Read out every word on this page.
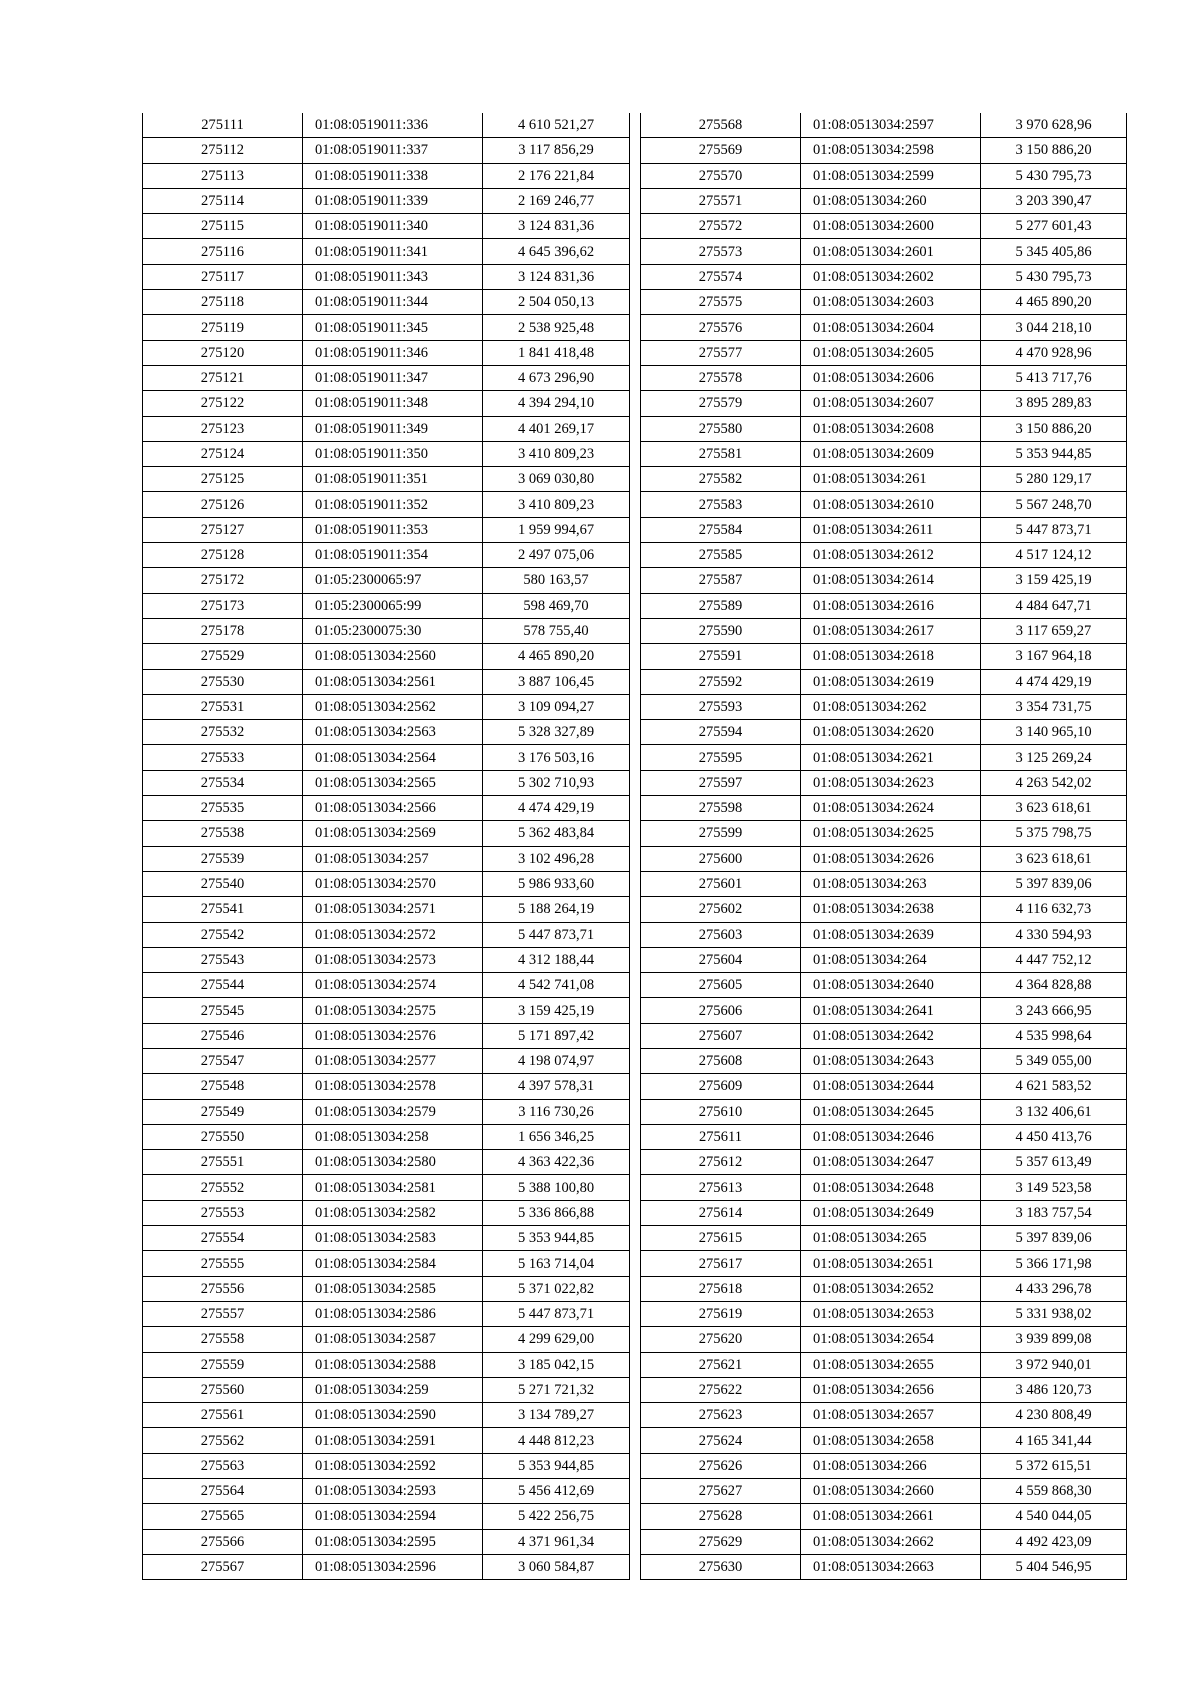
275111	01:08:0519011:336	4 610 521,27
275112	01:08:0519011:337	3 117 856,29
275113	01:08:0519011:338	2 176 221,84
275114	01:08:0519011:339	2 169 246,77
275115	01:08:0519011:340	3 124 831,36
275116	01:08:0519011:341	4 645 396,62
275117	01:08:0519011:343	3 124 831,36
275118	01:08:0519011:344	2 504 050,13
275119	01:08:0519011:345	2 538 925,48
275120	01:08:0519011:346	1 841 418,48
275121	01:08:0519011:347	4 673 296,90
275122	01:08:0519011:348	4 394 294,10
275123	01:08:0519011:349	4 401 269,17
275124	01:08:0519011:350	3 410 809,23
275125	01:08:0519011:351	3 069 030,80
275126	01:08:0519011:352	3 410 809,23
275127	01:08:0519011:353	1 959 994,67
275128	01:08:0519011:354	2 497 075,06
275172	01:05:2300065:97	580 163,57
275173	01:05:2300065:99	598 469,70
275178	01:05:2300075:30	578 755,40
275529	01:08:0513034:2560	4 465 890,20
275530	01:08:0513034:2561	3 887 106,45
275531	01:08:0513034:2562	3 109 094,27
275532	01:08:0513034:2563	5 328 327,89
275533	01:08:0513034:2564	3 176 503,16
275534	01:08:0513034:2565	5 302 710,93
275535	01:08:0513034:2566	4 474 429,19
275538	01:08:0513034:2569	5 362 483,84
275539	01:08:0513034:257	3 102 496,28
275540	01:08:0513034:2570	5 986 933,60
275541	01:08:0513034:2571	5 188 264,19
275542	01:08:0513034:2572	5 447 873,71
275543	01:08:0513034:2573	4 312 188,44
275544	01:08:0513034:2574	4 542 741,08
275545	01:08:0513034:2575	3 159 425,19
275546	01:08:0513034:2576	5 171 897,42
275547	01:08:0513034:2577	4 198 074,97
275548	01:08:0513034:2578	4 397 578,31
275549	01:08:0513034:2579	3 116 730,26
275550	01:08:0513034:258	1 656 346,25
275551	01:08:0513034:2580	4 363 422,36
275552	01:08:0513034:2581	5 388 100,80
275553	01:08:0513034:2582	5 336 866,88
275554	01:08:0513034:2583	5 353 944,85
275555	01:08:0513034:2584	5 163 714,04
275556	01:08:0513034:2585	5 371 022,82
275557	01:08:0513034:2586	5 447 873,71
275558	01:08:0513034:2587	4 299 629,00
275559	01:08:0513034:2588	3 185 042,15
275560	01:08:0513034:259	5 271 721,32
275561	01:08:0513034:2590	3 134 789,27
275562	01:08:0513034:2591	4 448 812,23
275563	01:08:0513034:2592	5 353 944,85
275564	01:08:0513034:2593	5 456 412,69
275565	01:08:0513034:2594	5 422 256,75
275566	01:08:0513034:2595	4 371 961,34
275567	01:08:0513034:2596	3 060 584,87
275568	01:08:0513034:2597	3 970 628,96
275569	01:08:0513034:2598	3 150 886,20
275570	01:08:0513034:2599	5 430 795,73
275571	01:08:0513034:260	3 203 390,47
275572	01:08:0513034:2600	5 277 601,43
275573	01:08:0513034:2601	5 345 405,86
275574	01:08:0513034:2602	5 430 795,73
275575	01:08:0513034:2603	4 465 890,20
275576	01:08:0513034:2604	3 044 218,10
275577	01:08:0513034:2605	4 470 928,96
275578	01:08:0513034:2606	5 413 717,76
275579	01:08:0513034:2607	3 895 289,83
275580	01:08:0513034:2608	3 150 886,20
275581	01:08:0513034:2609	5 353 944,85
275582	01:08:0513034:261	5 280 129,17
275583	01:08:0513034:2610	5 567 248,70
275584	01:08:0513034:2611	5 447 873,71
275585	01:08:0513034:2612	4 517 124,12
275587	01:08:0513034:2614	3 159 425,19
275589	01:08:0513034:2616	4 484 647,71
275590	01:08:0513034:2617	3 117 659,27
275591	01:08:0513034:2618	3 167 964,18
275592	01:08:0513034:2619	4 474 429,19
275593	01:08:0513034:262	3 354 731,75
275594	01:08:0513034:2620	3 140 965,10
275595	01:08:0513034:2621	3 125 269,24
275597	01:08:0513034:2623	4 263 542,02
275598	01:08:0513034:2624	3 623 618,61
275599	01:08:0513034:2625	5 375 798,75
275600	01:08:0513034:2626	3 623 618,61
275601	01:08:0513034:263	5 397 839,06
275602	01:08:0513034:2638	4 116 632,73
275603	01:08:0513034:2639	4 330 594,93
275604	01:08:0513034:264	4 447 752,12
275605	01:08:0513034:2640	4 364 828,88
275606	01:08:0513034:2641	3 243 666,95
275607	01:08:0513034:2642	4 535 998,64
275608	01:08:0513034:2643	5 349 055,00
275609	01:08:0513034:2644	4 621 583,52
275610	01:08:0513034:2645	3 132 406,61
275611	01:08:0513034:2646	4 450 413,76
275612	01:08:0513034:2647	5 357 613,49
275613	01:08:0513034:2648	3 149 523,58
275614	01:08:0513034:2649	3 183 757,54
275615	01:08:0513034:265	5 397 839,06
275617	01:08:0513034:2651	5 366 171,98
275618	01:08:0513034:2652	4 433 296,78
275619	01:08:0513034:2653	5 331 938,02
275620	01:08:0513034:2654	3 939 899,08
275621	01:08:0513034:2655	3 972 940,01
275622	01:08:0513034:2656	3 486 120,73
275623	01:08:0513034:2657	4 230 808,49
275624	01:08:0513034:2658	4 165 341,44
275626	01:08:0513034:266	5 372 615,51
275627	01:08:0513034:2660	4 559 868,30
275628	01:08:0513034:2661	4 540 044,05
275629	01:08:0513034:2662	4 492 423,09
275630	01:08:0513034:2663	5 404 546,95
